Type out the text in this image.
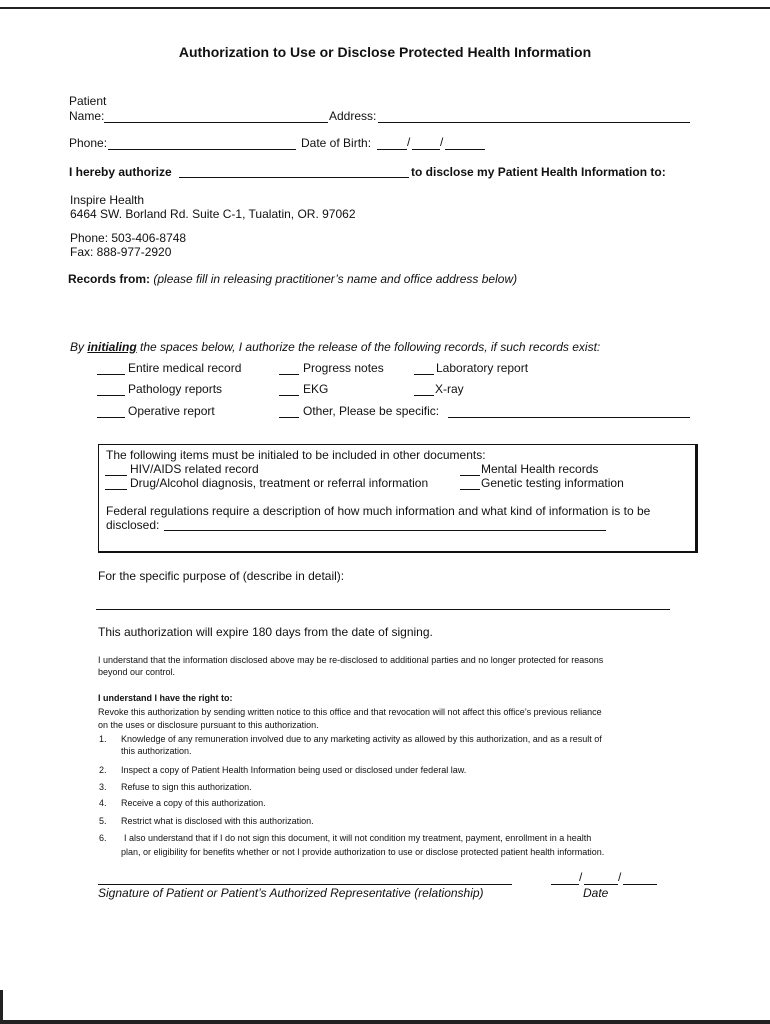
Authorization to Use or Disclose Protected Health Information
Patient
Name:	Address:
Phone:	Date of Birth:	/ /
I hereby authorize	to disclose my Patient Health Information to:
Inspire Health
6464 SW. Borland Rd. Suite C-1, Tualatin, OR. 97062
Phone: 503-406-8748
Fax: 888-977-2920
Records from: (please fill in releasing practitioner’s name and office address below)
By initialing the spaces below, I authorize the release of the following records, if such records exist:
Entire medical record	Progress notes	Laboratory report
Pathology reports	EKG	X-ray
Operative report	Other, Please be specific:
The following items must be initialed to be included in other documents:
HIV/AIDS related record	Mental Health records
Drug/Alcohol diagnosis, treatment or referral information	Genetic testing information
Federal regulations require a description of how much information and what kind of information is to be
disclosed:
For the specific purpose of (describe in detail):
This authorization will expire 180 days from the date of signing.
I understand that the information disclosed above may be re-disclosed to additional parties and no longer protected for reasons
beyond our control.
I understand I have the right to:
Revoke this authorization by sending written notice to this office and that revocation will not affect this office’s previous reliance
on the uses or disclosure pursuant to this authorization.
1. Knowledge of any remuneration involved due to any marketing activity as allowed by this authorization, and as a result of
this authorization.
2. Inspect a copy of Patient Health Information being used or disclosed under federal law.
3. Refuse to sign this authorization.
4. Receive a copy of this authorization.
5. Restrict what is disclosed with this authorization.
6. I also understand that if I do not sign this document, it will not condition my treatment, payment, enrollment in a health
plan, or eligibility for benefits whether or not I provide authorization to use or disclose protected patient health information.
Signature of Patient or Patient’s Authorized Representative (relationship)
/	/
Date
